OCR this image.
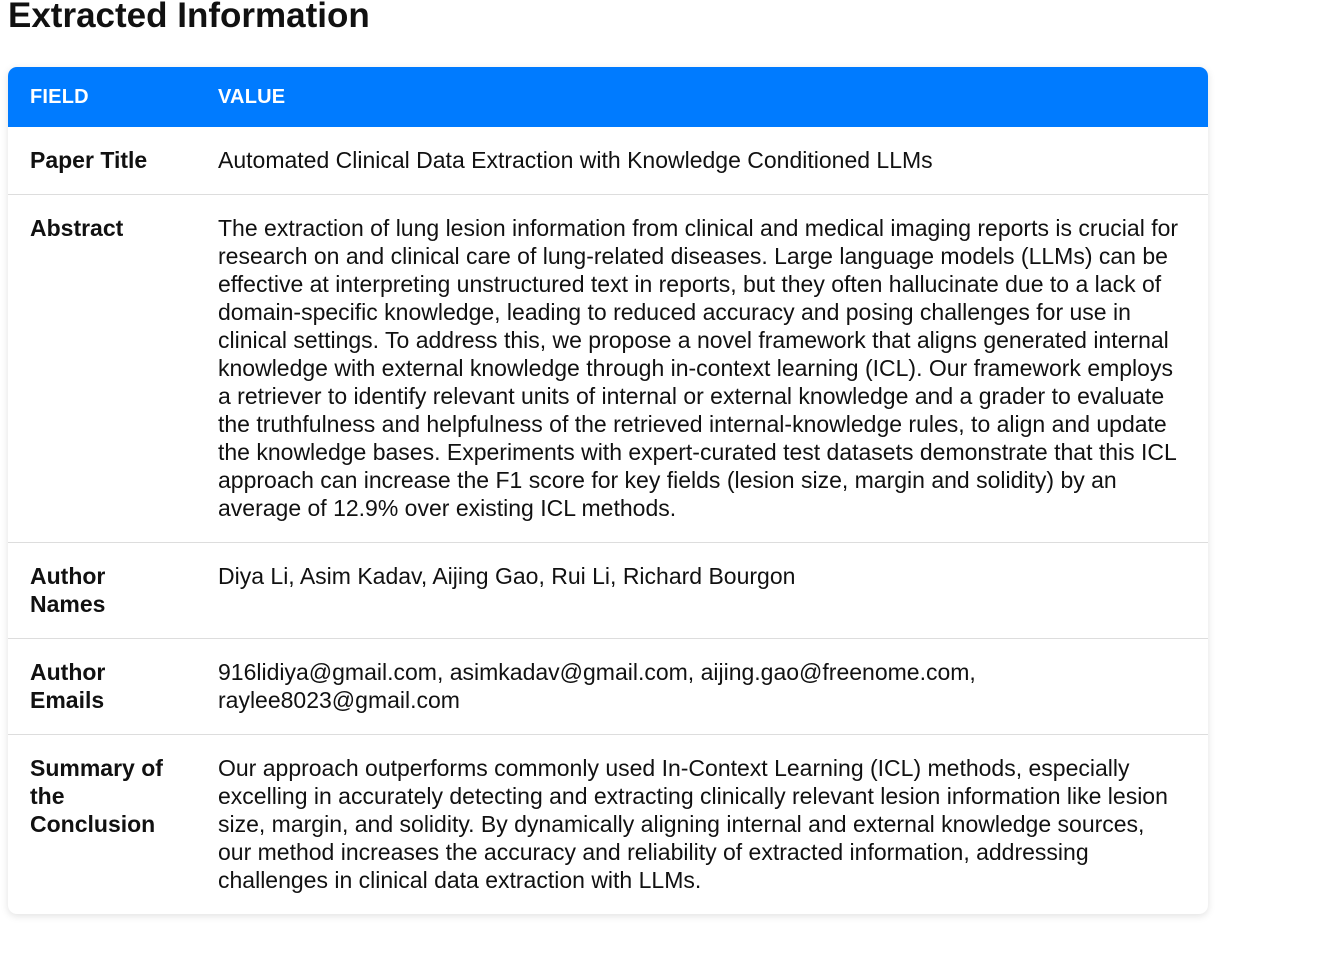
Extracted Information
FIELD	VALUE
Paper Title	Automated Clinical Data Extraction with Knowledge Conditioned LLMs
Abstract	The extraction of lung lesion information from clinical and medical imaging reports is crucial for research on and clinical care of lung-related diseases. Large language models (LLMs) can be effective at interpreting unstructured text in reports, but they often hallucinate due to a lack of domain-specific knowledge, leading to reduced accuracy and posing challenges for use in clinical settings. To address this, we propose a novel framework that aligns generated internal knowledge with external knowledge through in-context learning (ICL). Our framework employs a retriever to identify relevant units of internal or external knowledge and a grader to evaluate the truthfulness and helpfulness of the retrieved internal-knowledge rules, to align and update the knowledge bases. Experiments with expert-curated test datasets demonstrate that this ICL approach can increase the F1 score for key fields (lesion size, margin and solidity) by an average of 12.9% over existing ICL methods.
Author Names	Diya Li, Asim Kadav, Aijing Gao, Rui Li, Richard Bourgon
Author Emails	916lidiya@gmail.com, asimkadav@gmail.com, aijing.gao@freenome.com, raylee8023@gmail.com
Summary of the Conclusion	Our approach outperforms commonly used In-Context Learning (ICL) methods, especially excelling in accurately detecting and extracting clinically relevant lesion information like lesion size, margin, and solidity. By dynamically aligning internal and external knowledge sources, our method increases the accuracy and reliability of extracted information, addressing challenges in clinical data extraction with LLMs.
